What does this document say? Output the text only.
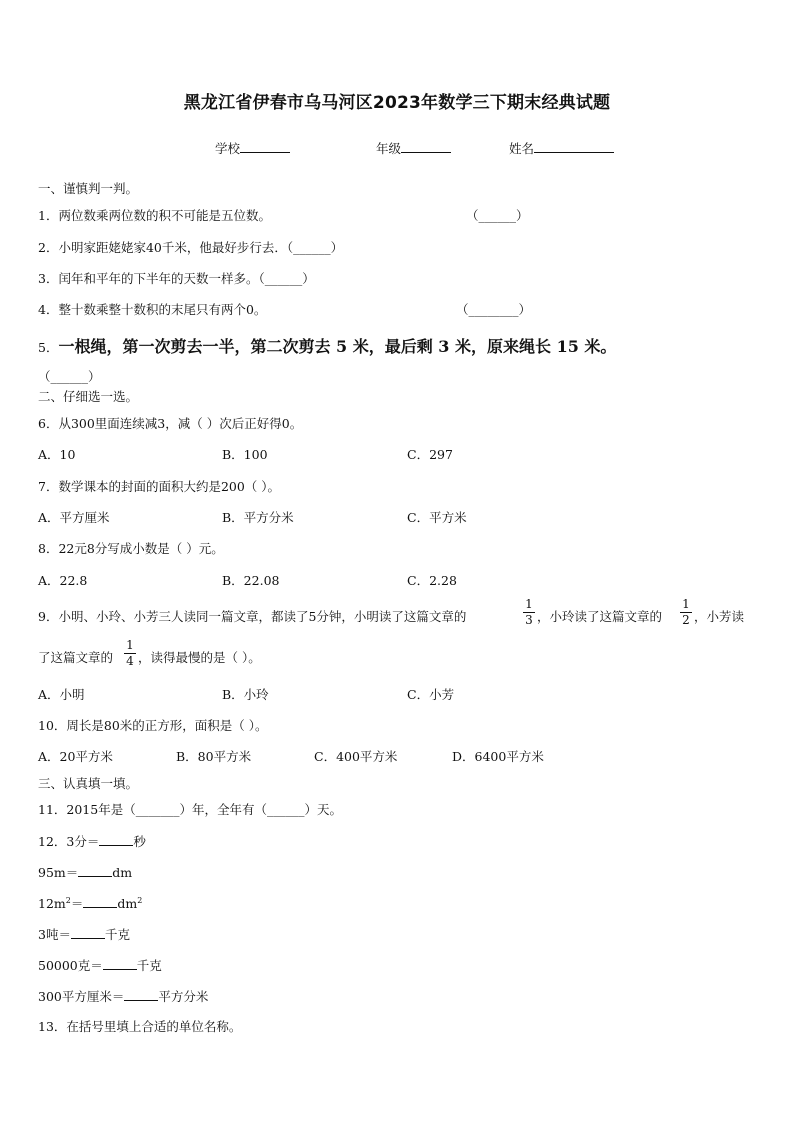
黑龙江省伊春市乌马河区2023年数学三下期末经典试题
学校	年级	姓名
一、谨慎判一判。
1．两位数乘两位数的积不可能是五位数。	（______）
2．小明家距姥姥家40千米，他最好步行去．（______）
3．闰年和平年的下半年的天数一样多。（______）
4．整十数乘整十数积的末尾只有两个0。	（________）
5．一根绳，第一次剪去一半，第二次剪去 5 米，最后剩 3 米，原来绳长 15 米。
（______）
二、仔细选一选。
6．从300里面连续减3，减（ ）次后正好得0。
A．10	B．100	C．297
7．数学课本的封面的面积大约是200（ ）。
A．平方厘米	B．平方分米	C．平方米
8．22元8分写成小数是（ ）元。
A．22.8	B．22.08	C．2.28
9．小明、小玲、小芳三人读同一篇文章，都读了5分钟，小明读了这篇文章的	$\frac{1}{3}$ ，小玲读了这篇文章的 $\frac{1}{2}$ ，小芳读
了这篇文章的 $\frac{1}{4}$ ，读得最慢的是（ ）。
A．小明	B．小玲	C．小芳
10．周长是80米的正方形，面积是（ ）。
A．20平方米	B．80平方米	C．400平方米	D．6400平方米
三、认真填一填。
11．2015年是（_______）年，全年有（______）天。
12．3分＝	秒
95m＝	dm
$12m^2=$	$dm^2$
3吨＝	千克
50000克＝	千克
300平方厘米＝	平方分米
13．在括号里填上合适的单位名称。
